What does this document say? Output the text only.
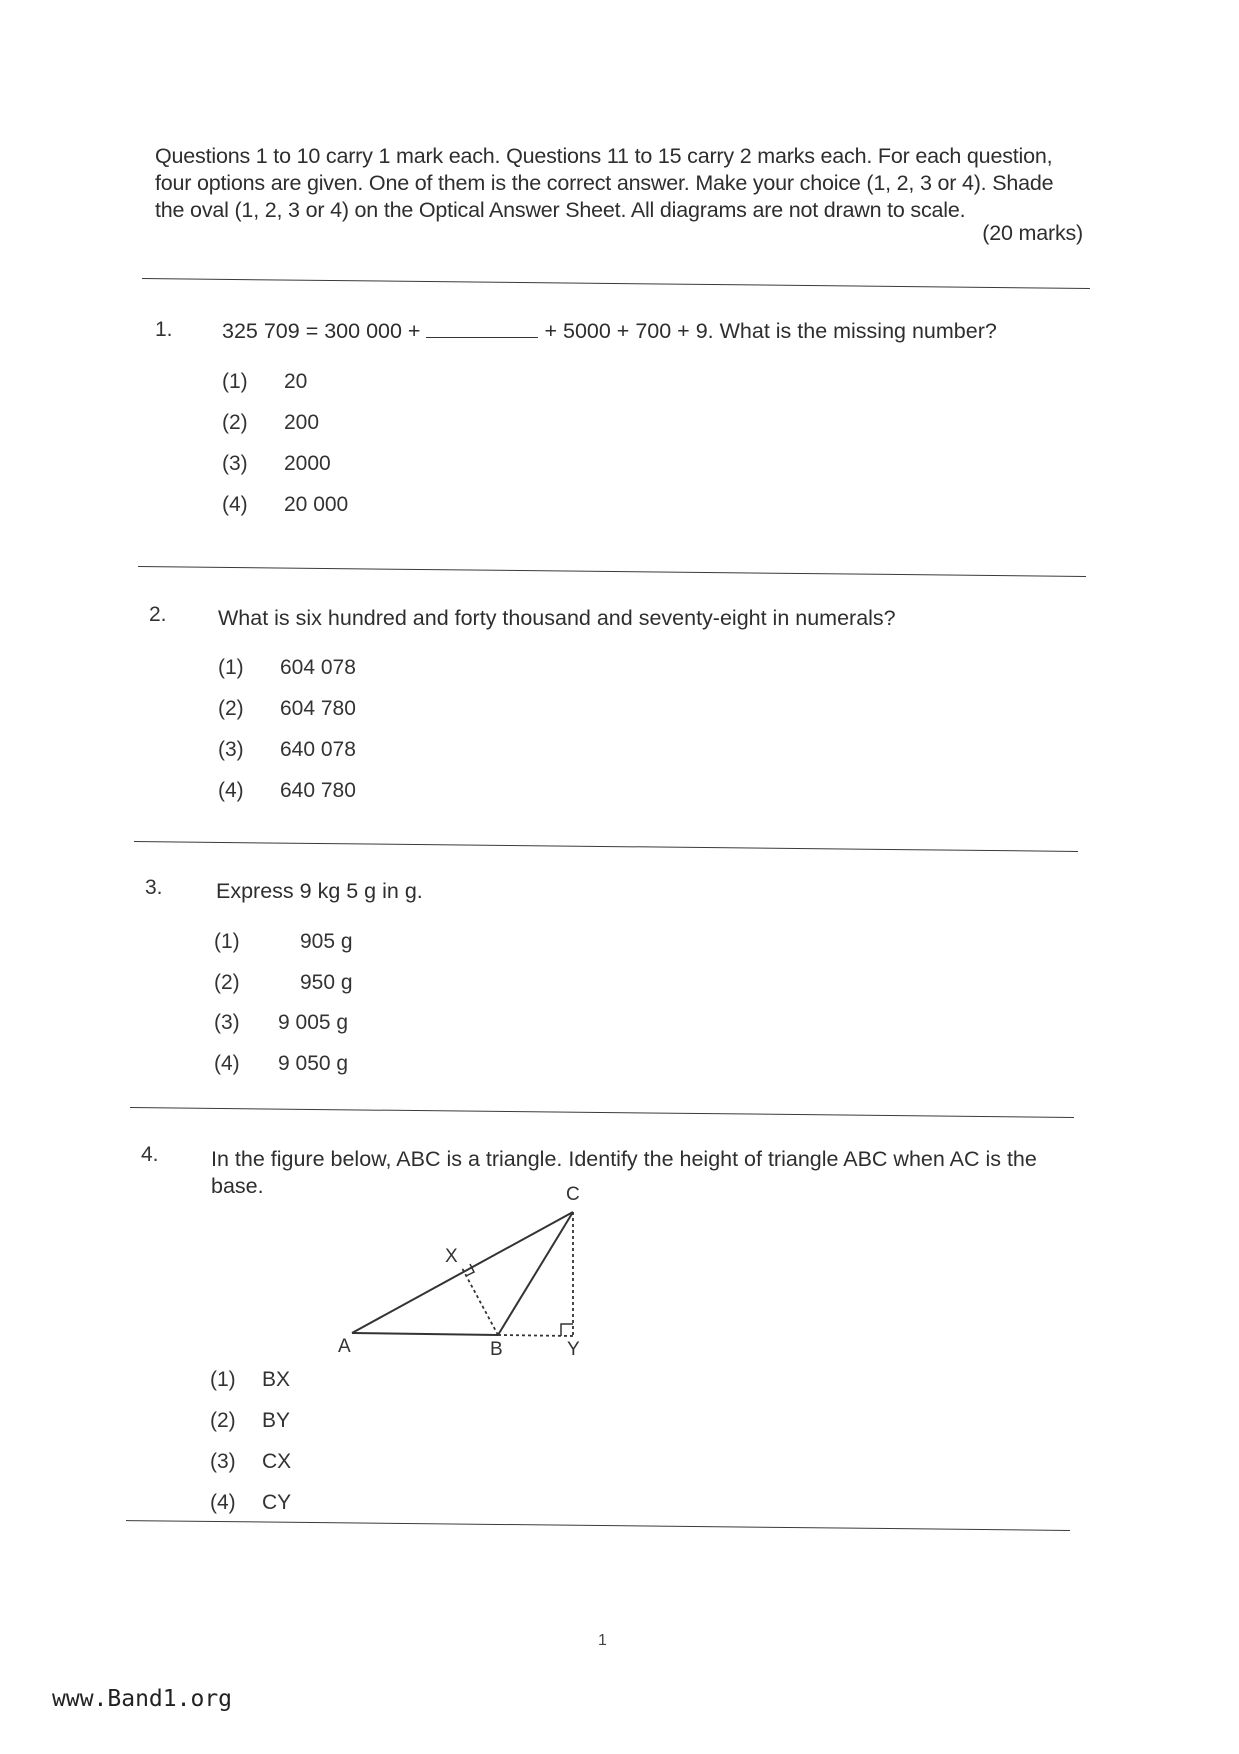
Questions 1 to 10 carry 1 mark each. Questions 11 to 15 carry 2 marks each. For each question, four options are given. One of them is the correct answer. Make your choice (1, 2, 3 or 4). Shade the oval (1, 2, 3 or 4) on the Optical Answer Sheet. All diagrams are not drawn to scale.
(20 marks)
1. 325 709 = 300 000 +	+ 5000 + 700 + 9. What is the missing number?
(1) 20
(2) 200
(3) 2000
(4) 20 000
2. What is six hundred and forty thousand and seventy-eight in numerals?
(1) 604 078
(2) 604 780
(3) 640 078
(4) 640 780
3. Express 9 kg 5 g in g.
(1)	905 g
(2)	950 g
(3) 9 005 g
(4) 9 050 g
4. In the figure below, ABC is a triangle. Identify the height of triangle ABC when AC is the base.
A	B
C
X
Y
(1) BX
(2) BY
(3) CX
(4) CY
1
www.Band1.org
